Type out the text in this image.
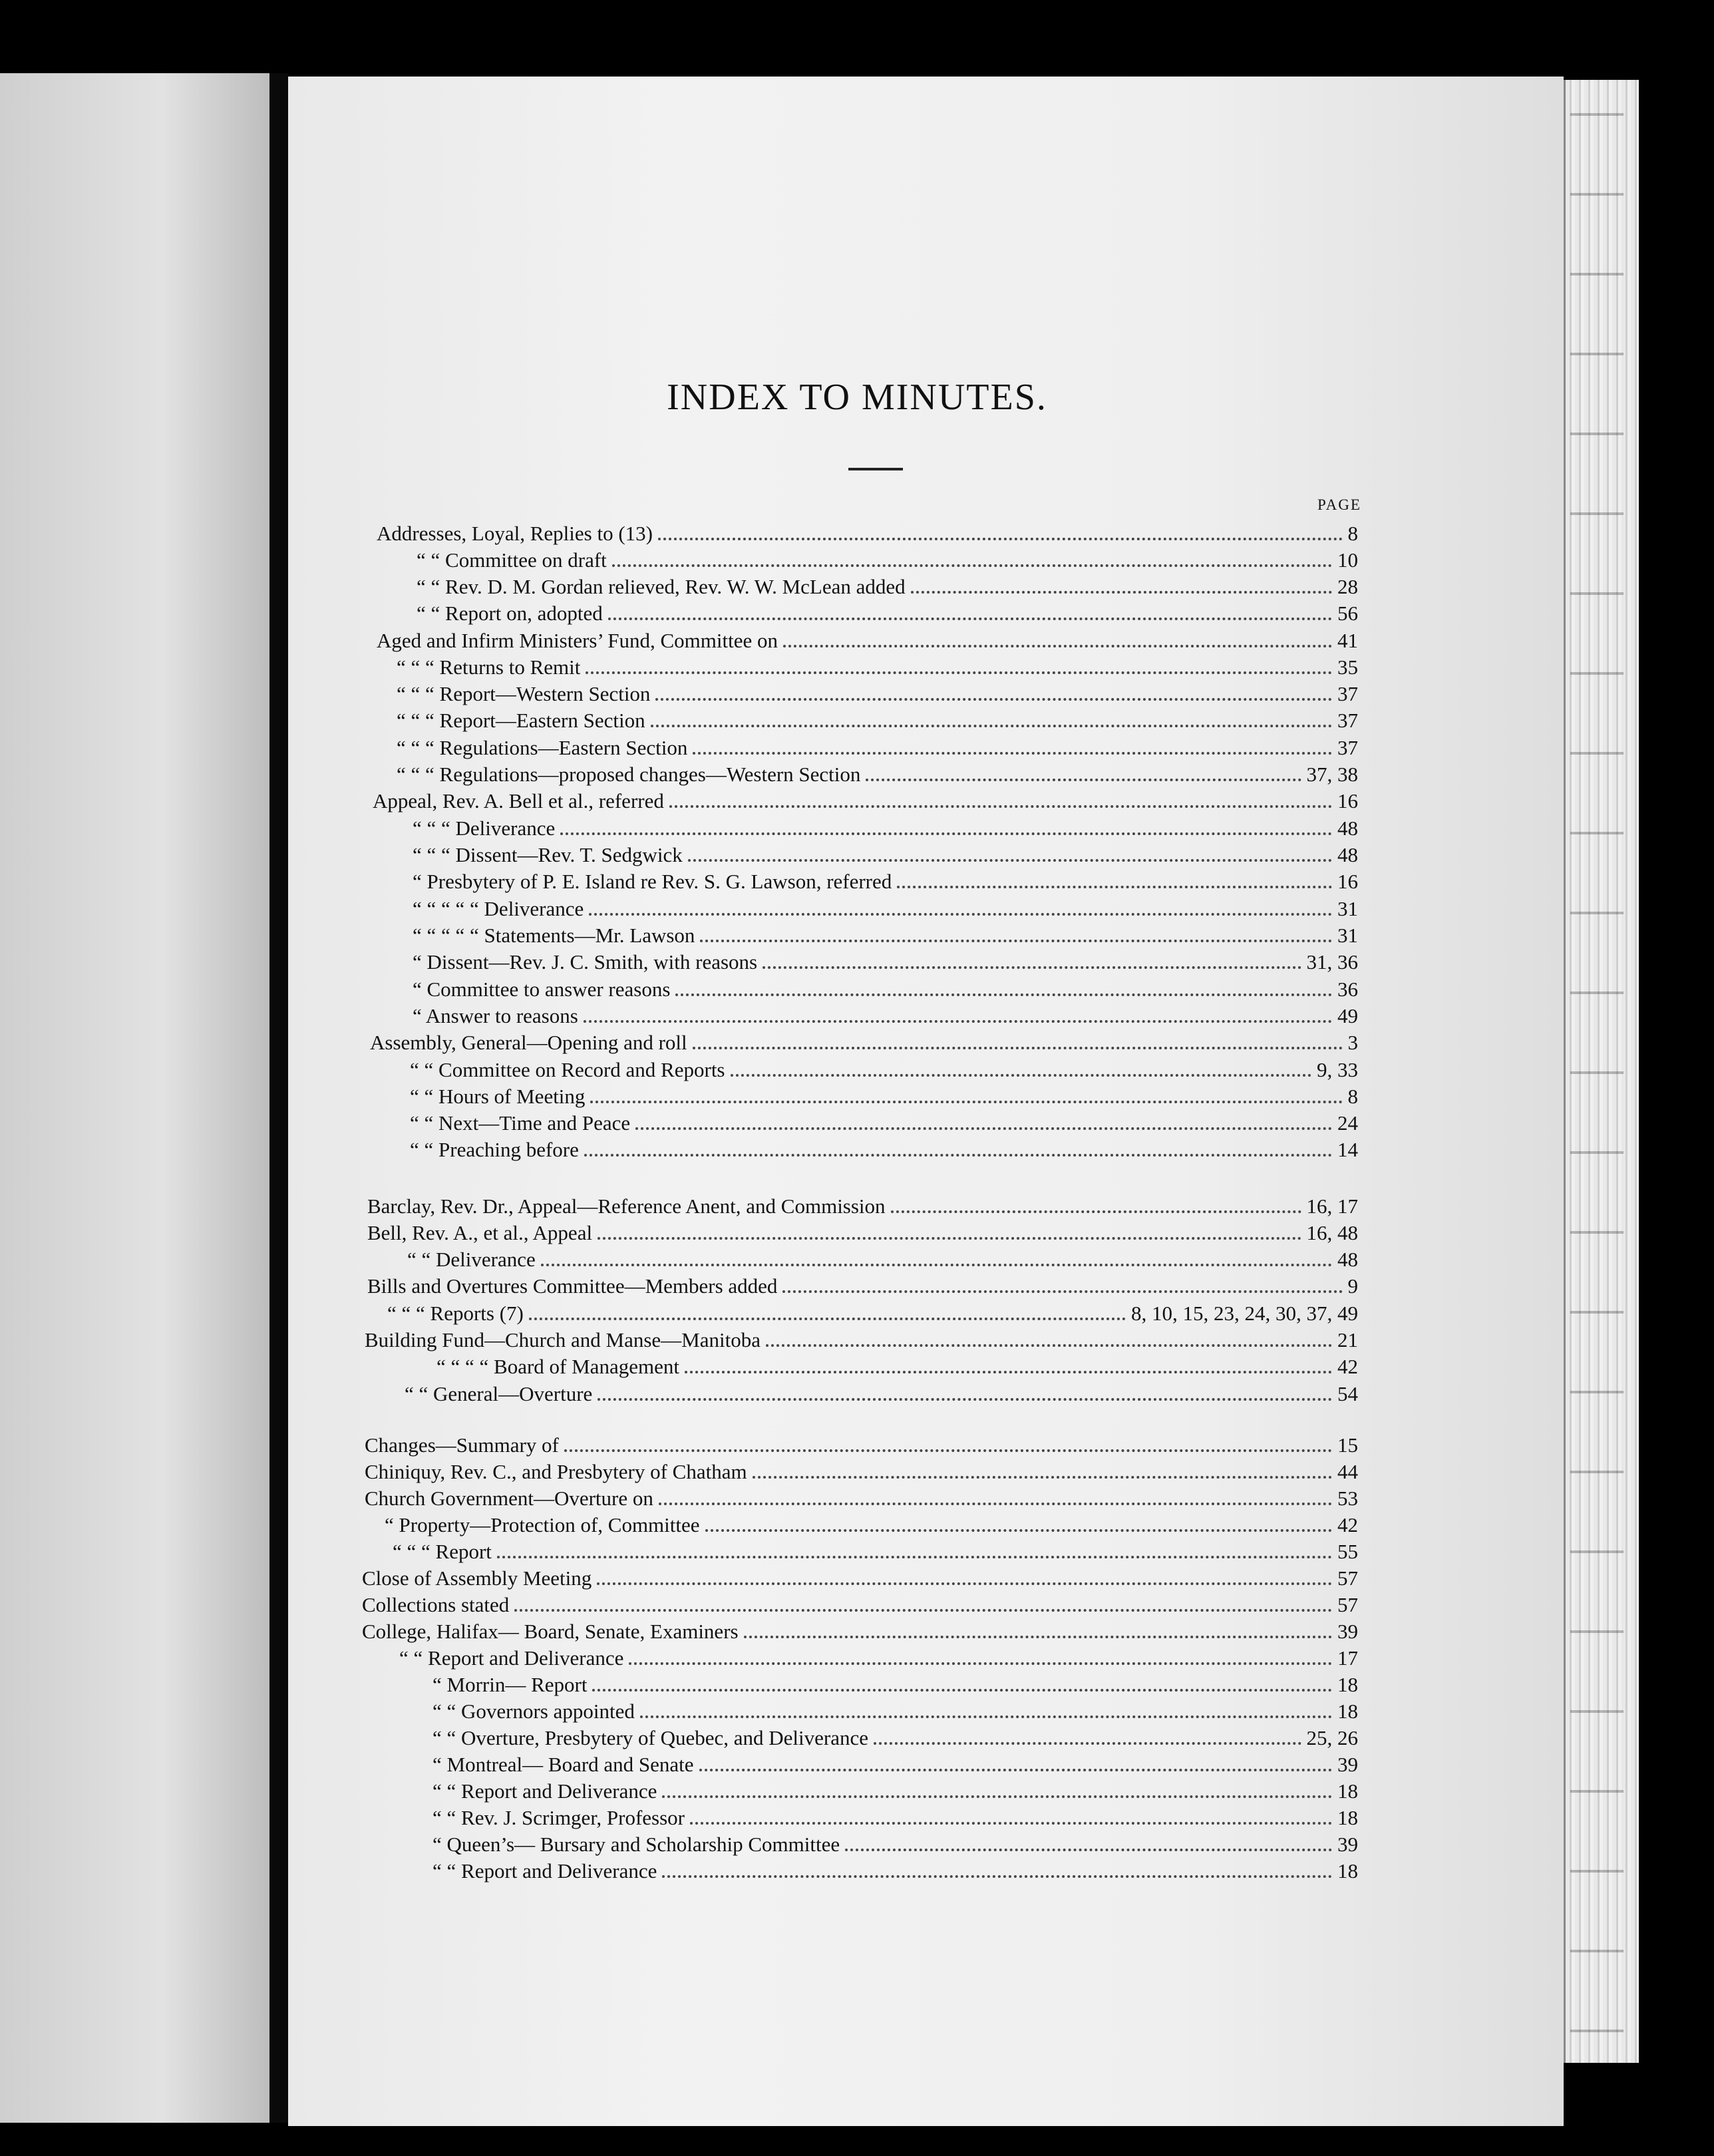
INDEX TO MINUTES.
PAGE
Addresses, Loyal, Replies to (13)	8
“ “ Committee on draft	10
“ “ Rev. D. M. Gordan relieved, Rev. W. W. McLean added	28
“ “ Report on, adopted	56
Aged and Infirm Ministers’ Fund, Committee on	41
“ “ “ Returns to Remit	35
“ “ “ Report—Western Section	37
“ “ “ Report—Eastern Section	37
“ “ “ Regulations—Eastern Section	37
“ “ “ Regulations—proposed changes—Western Section	37, 38
Appeal, Rev. A. Bell et al., referred	16
“ “ “ Deliverance	48
“ “ “ Dissent—Rev. T. Sedgwick	48
“ Presbytery of P. E. Island re Rev. S. G. Lawson, referred	16
“ “ “ “ “ Deliverance	31
“ “ “ “ “ Statements—Mr. Lawson	31
“ Dissent—Rev. J. C. Smith, with reasons	31, 36
“ Committee to answer reasons	36
“ Answer to reasons	49
Assembly, General—Opening and roll	3
“ “ Committee on Record and Reports	9, 33
“ “ Hours of Meeting	8
“ “ Next—Time and Peace	24
“ “ Preaching before	14
Barclay, Rev. Dr., Appeal—Reference Anent, and Commission	16, 17
Bell, Rev. A., et al., Appeal	16, 48
“ “ Deliverance	48
Bills and Overtures Committee—Members added	9
“ “ “ Reports (7)	8, 10, 15, 23, 24, 30, 37, 49
Building Fund—Church and Manse—Manitoba	21
“ “ “ “ Board of Management	42
“ “ General—Overture	54
Changes—Summary of	15
Chiniquy, Rev. C., and Presbytery of Chatham	44
Church Government—Overture on	53
“ Property—Protection of, Committee	42
“ “ “ Report	55
Close of Assembly Meeting	57
Collections stated	57
College, Halifax— Board, Senate, Examiners	39
“ “ Report and Deliverance	17
“ Morrin— Report	18
“ “ Governors appointed	18
“ “ Overture, Presbytery of Quebec, and Deliverance	25, 26
“ Montreal— Board and Senate	39
“ “ Report and Deliverance	18
“ “ Rev. J. Scrimger, Professor	18
“ Queen’s— Bursary and Scholarship Committee	39
“ “ Report and Deliverance	18
